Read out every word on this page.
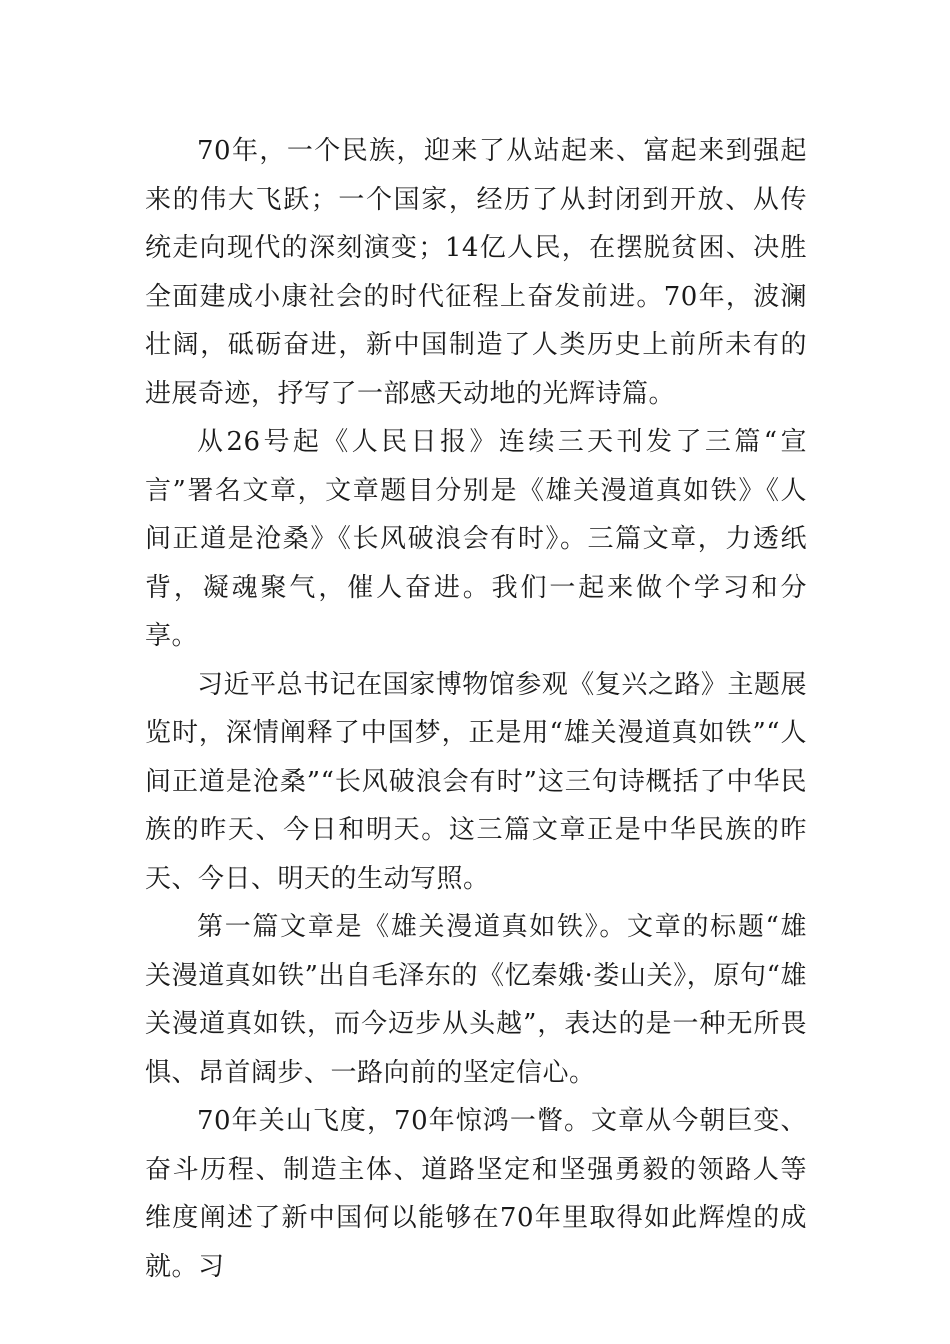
70年，一个民族，迎来了从站起来、富起来到强起来的伟大飞跃；一个国家，经历了从封闭到开放、从传统走向现代的深刻演变；14亿人民，在摆脱贫困、决胜全面建成小康社会的时代征程上奋发前进。70年，波澜壮阔，砥砺奋进，新中国制造了人类历史上前所未有的进展奇迹，抒写了一部感天动地的光辉诗篇。

从26号起《人民日报》连续三天刊发了三篇“宣言”署名文章，文章题目分别是《雄关漫道真如铁》《人间正道是沧桑》《长风破浪会有时》。三篇文章，力透纸背，凝魂聚气，催人奋进。我们一起来做个学习和分享。

习近平总书记在国家博物馆参观《复兴之路》主题展览时，深情阐释了中国梦，正是用“雄关漫道真如铁”“人间正道是沧桑”“长风破浪会有时”这三句诗概括了中华民族的昨天、今日和明天。这三篇文章正是中华民族的昨天、今日、明天的生动写照。

第一篇文章是《雄关漫道真如铁》。文章的标题“雄关漫道真如铁”出自毛泽东的《忆秦娥·娄山关》，原句“雄关漫道真如铁，而今迈步从头越”，表达的是一种无所畏惧、昂首阔步、一路向前的坚定信心。

70年关山飞度，70年惊鸿一瞥。文章从今朝巨变、奋斗历程、制造主体、道路坚定和坚强勇毅的领路人等维度阐述了新中国何以能够在70年里取得如此辉煌的成就。习
